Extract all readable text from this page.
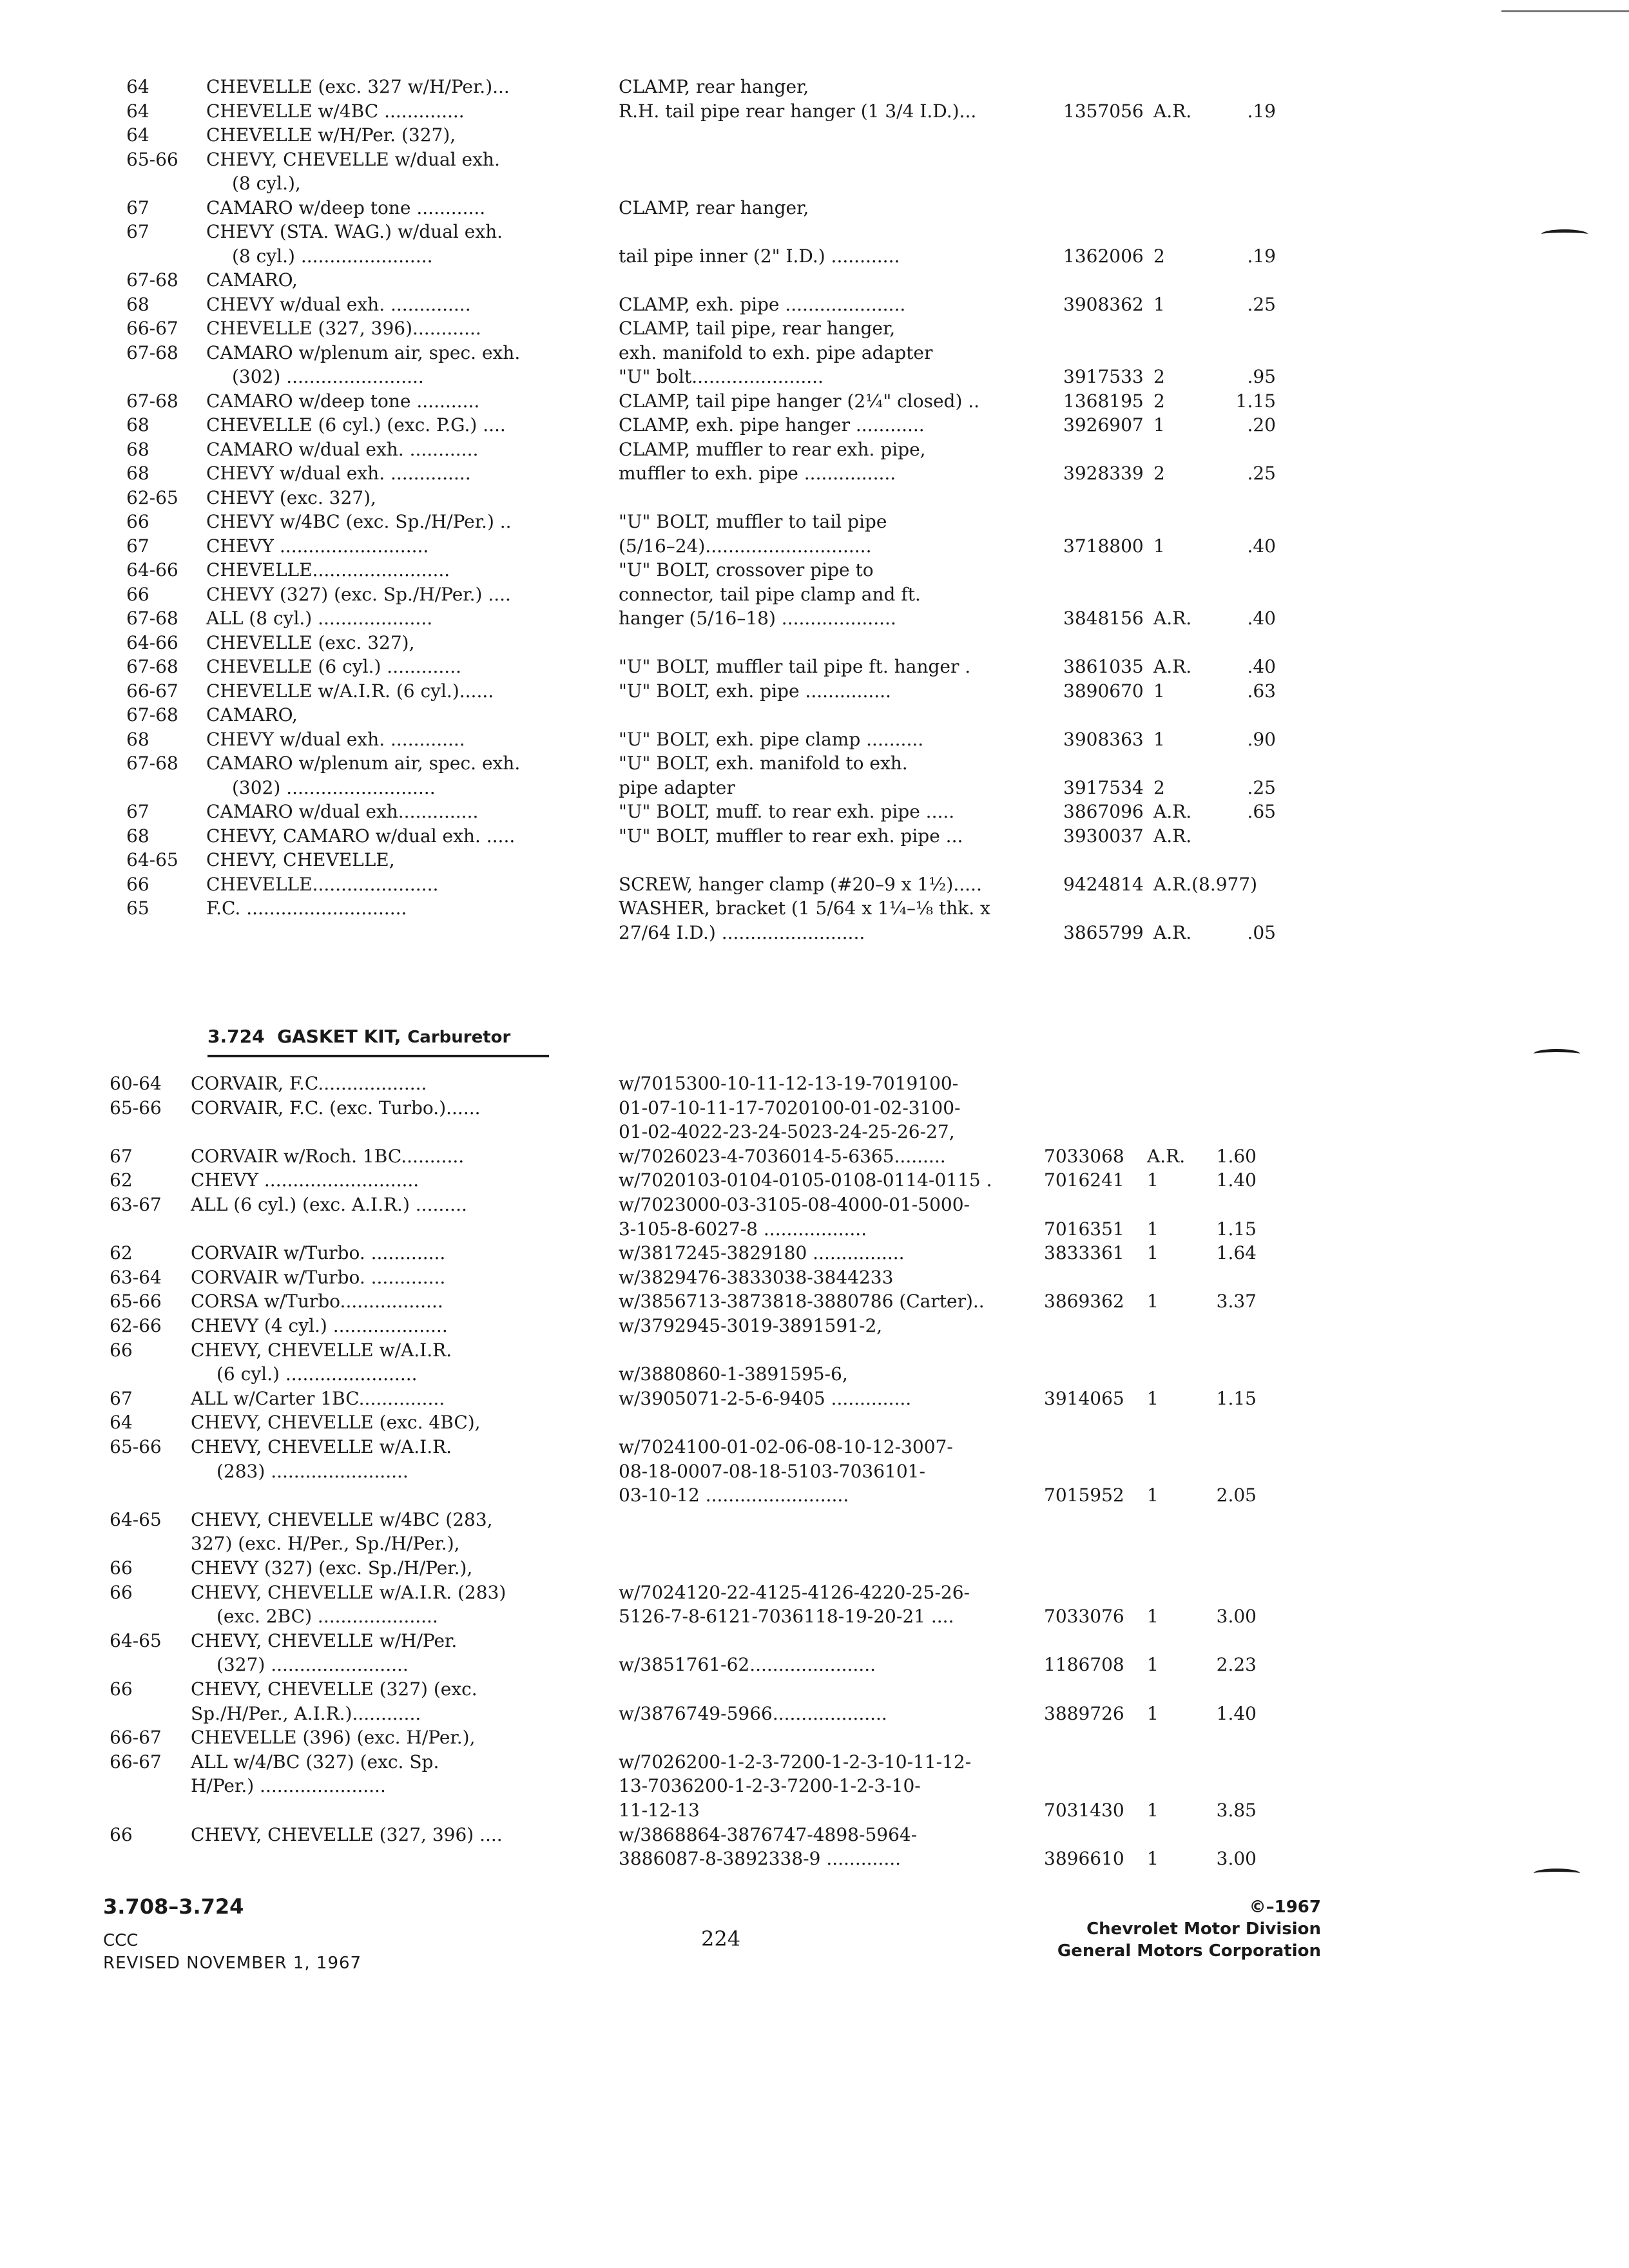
64	CHEVELLE (exc. 327 w/H/Per.)...	CLAMP, rear hanger,
64	CHEVELLE w/4BC ..............	R.H. tail pipe rear hanger (1 3/4 I.D.)...	1357056 A.R.	.19
64	CHEVELLE w/H/Per. (327),
65-66 CHEVY, CHEVELLE w/dual exh.
(8 cyl.),
67	CAMARO w/deep tone ............	CLAMP, rear hanger,
67	CHEVY (STA. WAG.) w/dual exh.
(8 cyl.) .......................	tail pipe inner (2" I.D.) ............	1362006 2	.19
67-68 CAMARO,
68	CHEVY w/dual exh. ..............	CLAMP, exh. pipe .....................	3908362 1	.25
66-67 CHEVELLE (327, 396)............	CLAMP, tail pipe, rear hanger,
67-68 CAMARO w/plenum air, spec. exh.	exh. manifold to exh. pipe adapter
(302) ........................	"U" bolt.......................	3917533 2	.95
67-68 CAMARO w/deep tone ...........	CLAMP, tail pipe hanger (2¼" closed) ..	1368195 2	1.15
68	CHEVELLE (6 cyl.) (exc. P.G.) ....	CLAMP, exh. pipe hanger ............	3926907 1	.20
68	CAMARO w/dual exh. ............	CLAMP, muffler to rear exh. pipe,
68	CHEVY w/dual exh. ..............	muffler to exh. pipe ................	3928339 2	.25
62-65 CHEVY (exc. 327),
66	CHEVY w/4BC (exc. Sp./H/Per.) ..	"U" BOLT, muffler to tail pipe
67	CHEVY ..........................	(5/16–24).............................	3718800 1	.40
64-66 CHEVELLE........................	"U" BOLT, crossover pipe to
66	CHEVY (327) (exc. Sp./H/Per.) ....	connector, tail pipe clamp and ft.
67-68 ALL (8 cyl.) ....................	hanger (5/16–18) ....................	3848156 A.R.	.40
64-66 CHEVELLE (exc. 327),
67-68 CHEVELLE (6 cyl.) .............	"U" BOLT, muffler tail pipe ft. hanger .	3861035 A.R.	.40
66-67 CHEVELLE w/A.I.R. (6 cyl.)......	"U" BOLT, exh. pipe ...............	3890670 1	.63
67-68 CAMARO,
68	CHEVY w/dual exh. .............	"U" BOLT, exh. pipe clamp ..........	3908363 1	.90
67-68 CAMARO w/plenum air, spec. exh.	"U" BOLT, exh. manifold to exh.
(302) ..........................	pipe adapter	3917534 2	.25
67	CAMARO w/dual exh..............	"U" BOLT, muff. to rear exh. pipe .....	3867096 A.R.	.65
68	CHEVY, CAMARO w/dual exh. .....	"U" BOLT, muffler to rear exh. pipe ...	3930037 A.R.
64-65 CHEVY, CHEVELLE,
66	CHEVELLE......................	SCREW, hanger clamp (#20–9 x 1½).....	9424814 A.R.(8.977)
65	F.C. ............................	WASHER, bracket (1 5/64 x 1¼–⅛ thk. x
27/64 I.D.) .........................	3865799 A.R.	.05
3.724 GASKET KIT, Carburetor
60-64 CORVAIR, F.C...................	w/7015300-10-11-12-13-19-7019100-
65-66 CORVAIR, F.C. (exc. Turbo.)......	01-07-10-11-17-7020100-01-02-3100-
01-02-4022-23-24-5023-24-25-26-27,
67	CORVAIR w/Roch. 1BC...........	w/7026023-4-7036014-5-6365.........	7033068 A.R. 1.60
62	CHEVY ...........................	w/7020103-0104-0105-0108-0114-0115 .	7016241 1	1.40
63-67 ALL (6 cyl.) (exc. A.I.R.) .........	w/7023000-03-3105-08-4000-01-5000-
3-105-8-6027-8 ..................	7016351 1	1.15
62	CORVAIR w/Turbo. .............	w/3817245-3829180 ................	3833361 1	1.64
63-64 CORVAIR w/Turbo. .............	w/3829476-3833038-3844233
65-66 CORSA w/Turbo..................	w/3856713-3873818-3880786 (Carter)..	3869362 1	3.37
62-66 CHEVY (4 cyl.) ....................	w/3792945-3019-3891591-2,
66	CHEVY, CHEVELLE w/A.I.R.
(6 cyl.) .......................	w/3880860-1-3891595-6,
67	ALL w/Carter 1BC...............	w/3905071-2-5-6-9405 ..............	3914065 1	1.15
64	CHEVY, CHEVELLE (exc. 4BC),
65-66 CHEVY, CHEVELLE w/A.I.R.	w/7024100-01-02-06-08-10-12-3007-
(283) ........................	08-18-0007-08-18-5103-7036101-
03-10-12 .........................	7015952 1	2.05
64-65 CHEVY, CHEVELLE w/4BC (283,
327) (exc. H/Per., Sp./H/Per.),
66	CHEVY (327) (exc. Sp./H/Per.),
66	CHEVY, CHEVELLE w/A.I.R. (283)	w/7024120-22-4125-4126-4220-25-26-
(exc. 2BC) .....................	5126-7-8-6121-7036118-19-20-21 ....	7033076 1	3.00
64-65 CHEVY, CHEVELLE w/H/Per.
(327) ........................	w/3851761-62......................	1186708 1	2.23
66	CHEVY, CHEVELLE (327) (exc.
Sp./H/Per., A.I.R.)............	w/3876749-5966....................	3889726 1	1.40
66-67 CHEVELLE (396) (exc. H/Per.),
66-67 ALL w/4/BC (327) (exc. Sp.	w/7026200-1-2-3-7200-1-2-3-10-11-12-
H/Per.) ......................	13-7036200-1-2-3-7200-1-2-3-10-
11-12-13	7031430 1	3.85
66	CHEVY, CHEVELLE (327, 396) ....	w/3868864-3876747-4898-5964-
3886087-8-3892338-9 .............	3896610 1	3.00
3.708–3.724
CCC
REVISED NOVEMBER 1, 1967
224
©–1967
Chevrolet Motor Division
General Motors Corporation
